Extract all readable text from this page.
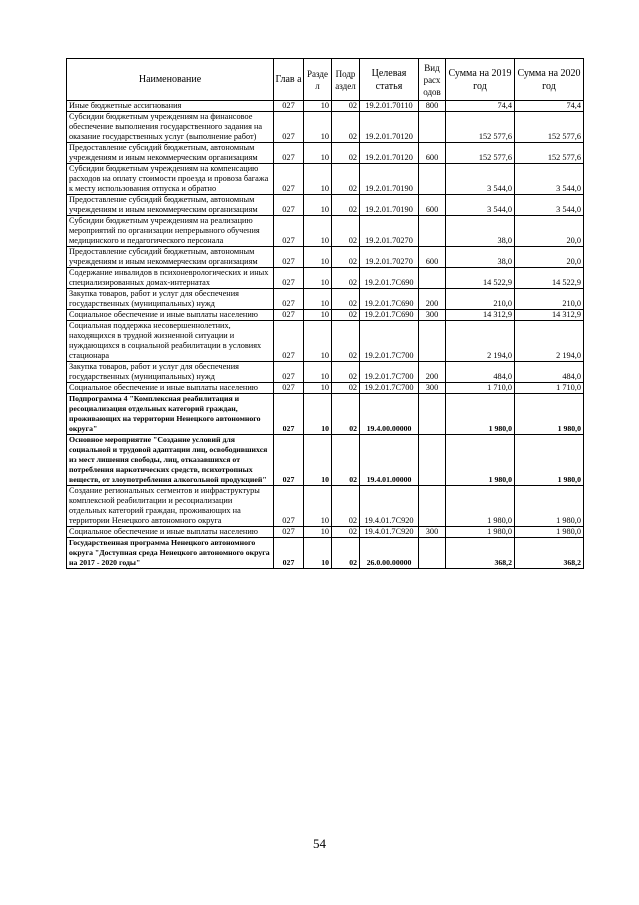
Наименование	Глав а	Разде л	Подр аздел	Целевая статья	Вид расх одов	Сумма на 2019 год	Сумма на 2020 год
Иные бюджетные ассигнования	027	10	02	19.2.01.70110	800	74,4	74,4
Субсидии бюджетным учреждениям на финансовое обеспечение выполнения государственного задания на оказание государственных услуг (выполнение работ)	027	10	02	19.2.01.70120		152 577,6	152 577,6
Предоставление субсидий бюджетным, автономным учреждениям и иным некоммерческим организациям	027	10	02	19.2.01.70120	600	152 577,6	152 577,6
Субсидии бюджетным учреждениям на компенсацию расходов на оплату стоимости проезда и провоза багажа к месту использования отпуска и обратно	027	10	02	19.2.01.70190		3 544,0	3 544,0
Предоставление субсидий бюджетным, автономным учреждениям и иным некоммерческим организациям	027	10	02	19.2.01.70190	600	3 544,0	3 544,0
Субсидии бюджетным учреждениям на реализацию мероприятий по организации непрерывного обучения медицинского и педагогического персонала	027	10	02	19.2.01.70270		38,0	20,0
Предоставление субсидий бюджетным, автономным учреждениям и иным некоммерческим организациям	027	10	02	19.2.01.70270	600	38,0	20,0
Содержание инвалидов в психоневрологических и иных специализированных домах-интернатах	027	10	02	19.2.01.7С690		14 522,9	14 522,9
Закупка товаров, работ и услуг для обеспечения государственных (муниципальных) нужд	027	10	02	19.2.01.7С690	200	210,0	210,0
Социальное обеспечение и иные выплаты населению	027	10	02	19.2.01.7С690	300	14 312,9	14 312,9
Социальная поддержка несовершеннолетних, находящихся в трудной жизненной ситуации и нуждающихся в социальной реабилитации в условиях стационара	027	10	02	19.2.01.7С700		2 194,0	2 194,0
Закупка товаров, работ и услуг для обеспечения государственных (муниципальных) нужд	027	10	02	19.2.01.7С700	200	484,0	484,0
Социальное обеспечение и иные выплаты населению	027	10	02	19.2.01.7С700	300	1 710,0	1 710,0
Подпрограмма 4 "Комплексная реабилитация и ресоциализация отдельных категорий граждан, проживающих на территории Ненецкого автономного округа"	027	10	02	19.4.00.00000		1 980,0	1 980,0
Основное мероприятие "Создание условий для социальной и трудовой адаптации лиц, освободившихся из мест лишения свободы, лиц, отказавшихся от потребления наркотических средств, психотропных веществ, от злоупотребления алкогольной продукцией"	027	10	02	19.4.01.00000		1 980,0	1 980,0
Создание региональных сегментов и инфраструктуры комплексной реабилитации и ресоциализации отдельных категорий граждан, проживающих на территории Ненецкого автономного округа	027	10	02	19.4.01.7С920		1 980,0	1 980,0
Социальное обеспечение и иные выплаты населению	027	10	02	19.4.01.7С920	300	1 980,0	1 980,0
Государственная программа Ненецкого автономного округа "Доступная среда Ненецкого автономного округа на 2017 - 2020 годы"	027	10	02	26.0.00.00000		368,2	368,2
54
